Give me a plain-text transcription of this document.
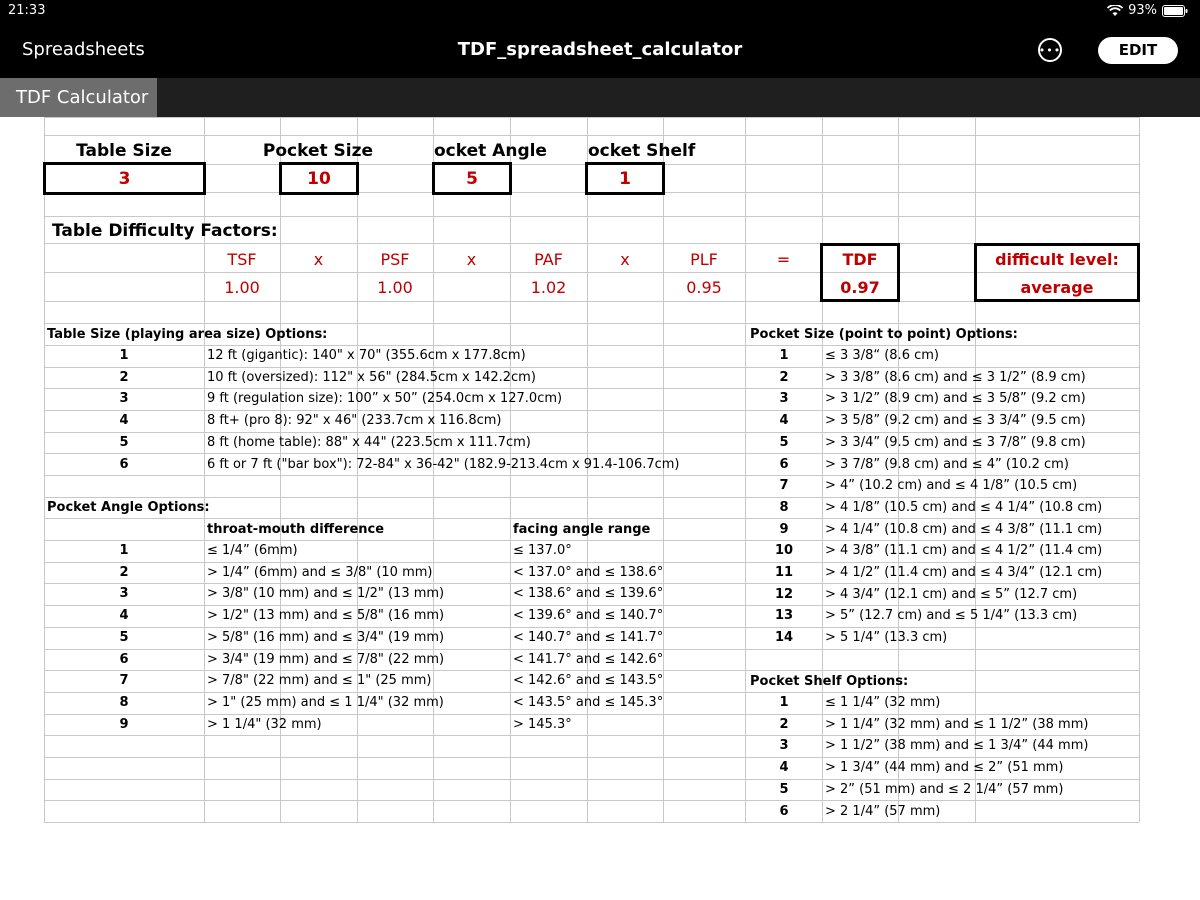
21:33	93%
Spreadsheets	TDF_spreadsheet_calculator	•••	EDIT
TDF Calculator
Table Size	Pocket Size	ocket Angle	ocket Shelf
3	10	5	1
Table Difficulty Factors:
TSF	x	PSF	x	PAF	x	PLF	=
1.00	1.00	1.02	0.95
TDF
0.97
difficult level:
average
Table Size (playing area size) Options:	Pocket Size (point to point) Options:
Pocket Angle Options:
throat-mouth difference	facing angle range
Pocket Shelf Options:
1	12 ft (gigantic): 140" x 70" (355.6cm x 177.8cm)
2	10 ft (oversized): 112" x 56" (284.5cm x 142.2cm)
3	9 ft (regulation size): 100” x 50” (254.0cm x 127.0cm)
4	8 ft+ (pro 8): 92" x 46" (233.7cm x 116.8cm)
5	8 ft (home table): 88" x 44" (223.5cm x 111.7cm)
6	6 ft or 7 ft ("bar box"): 72-84" x 36-42" (182.9-213.4cm x 91.4-106.7cm)
1	≤ 1/4” (6mm)	≤ 137.0°
2	> 1/4” (6mm) and ≤ 3/8" (10 mm)	< 137.0° and ≤ 138.6°
3	> 3/8" (10 mm) and ≤ 1/2" (13 mm)	< 138.6° and ≤ 139.6°
4	> 1/2" (13 mm) and ≤ 5/8" (16 mm)	< 139.6° and ≤ 140.7°
5	> 5/8" (16 mm) and ≤ 3/4" (19 mm)	< 140.7° and ≤ 141.7°
6	> 3/4" (19 mm) and ≤ 7/8" (22 mm)	< 141.7° and ≤ 142.6°
7	> 7/8" (22 mm) and ≤ 1" (25 mm)	< 142.6° and ≤ 143.5°
8	> 1" (25 mm) and ≤ 1 1/4" (32 mm)	< 143.5° and ≤ 145.3°
9	> 1 1/4" (32 mm)	> 145.3°
1	≤ 3 3/8“ (8.6 cm)
2	> 3 3/8” (8.6 cm) and ≤ 3 1/2” (8.9 cm)
3	> 3 1/2” (8.9 cm) and ≤ 3 5/8” (9.2 cm)
4	> 3 5/8” (9.2 cm) and ≤ 3 3/4” (9.5 cm)
5	> 3 3/4” (9.5 cm) and ≤ 3 7/8” (9.8 cm)
6	> 3 7/8” (9.8 cm) and ≤ 4” (10.2 cm)
7	> 4” (10.2 cm) and ≤ 4 1/8” (10.5 cm)
8	> 4 1/8” (10.5 cm) and ≤ 4 1/4” (10.8 cm)
9	> 4 1/4” (10.8 cm) and ≤ 4 3/8” (11.1 cm)
10	> 4 3/8” (11.1 cm) and ≤ 4 1/2” (11.4 cm)
11	> 4 1/2” (11.4 cm) and ≤ 4 3/4” (12.1 cm)
12	> 4 3/4” (12.1 cm) and ≤ 5” (12.7 cm)
13	> 5” (12.7 cm) and ≤ 5 1/4” (13.3 cm)
14	> 5 1/4” (13.3 cm)
1	≤ 1 1/4” (32 mm)
2	> 1 1/4” (32 mm) and ≤ 1 1/2” (38 mm)
3	> 1 1/2” (38 mm) and ≤ 1 3/4” (44 mm)
4	> 1 3/4” (44 mm) and ≤ 2” (51 mm)
5	> 2” (51 mm) and ≤ 2 1/4” (57 mm)
6	> 2 1/4” (57 mm)
